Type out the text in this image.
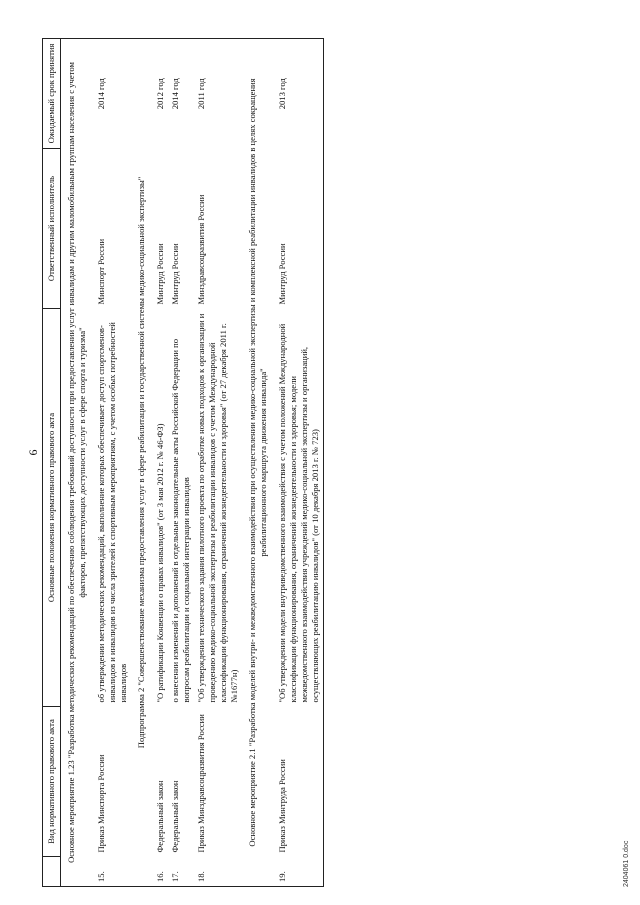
6
	Вид нормативного правового акта	Основные положения нормативного правового акта	Ответственный исполнитель	Ожидаемый срок принятия
Основное мероприятие 1.23 "Разработка методических рекомендаций по обеспечению соблюдения требований доступности при предоставлении услуг инвалидам и другим маломобильным группам населения с учетом факторов, препятствующих доступности услуг в сфере спорта и туризма"				
15.	Приказ Минспорта России	об утверждении методических рекомендаций, выполнение которых обеспечивает доступ спортсменов-инвалидов и инвалидов из числа зрителей к спортивным мероприятиям, с учетом особых потребностей инвалидов	Минспорт России	2014 год
Подпрограмма 2 "Совершенствование механизма предоставления услуг в сфере реабилитации и государственной системы медико-социальной экспертизы"				
16.	Федеральный закон	"О ратификации Конвенции о правах инвалидов" (от 3 мая 2012 г. № 46-ФЗ)	Минтруд России	2012 год
17.	Федеральный закон	о внесении изменений и дополнений в отдельные законодательные акты Российской Федерации по вопросам реабилитации и социальной интеграции инвалидов	Минтруд России	2014 год
18.	Приказ Минздравсоцразвития России	"Об утверждении технического задания пилотного проекта по отработке новых подходов к организации и проведению медико-социальной экспертизы и реабилитации инвалидов с учетом Международной классификации функционирования, ограничений жизнедеятельности и здоровья" (от 27 декабря 2011 г. №1677н)	Минздравсоцразвития России	2011 год
Основное мероприятие 2.1 "Разработка моделей внутри- и межведомственного взаимодействия при осуществлении медико-социальной экспертизы и комплексной реабилитации инвалидов в целях сокращения реабилитационного маршрута движения инвалида"				
19.	Приказ Минтруда России	"Об утверждении модели внутриведомственного взаимодействия с учетом положений Международной классификации функционирования, ограничений жизнедеятельности и здоровья; модели межведомственного взаимодействия учреждений медико-социальной экспертизы и организаций, осуществляющих реабилитацию инвалидов" (от 10 декабря 2013 г. № 723)	Минтруд России	2013 год
2404061 0.doc
